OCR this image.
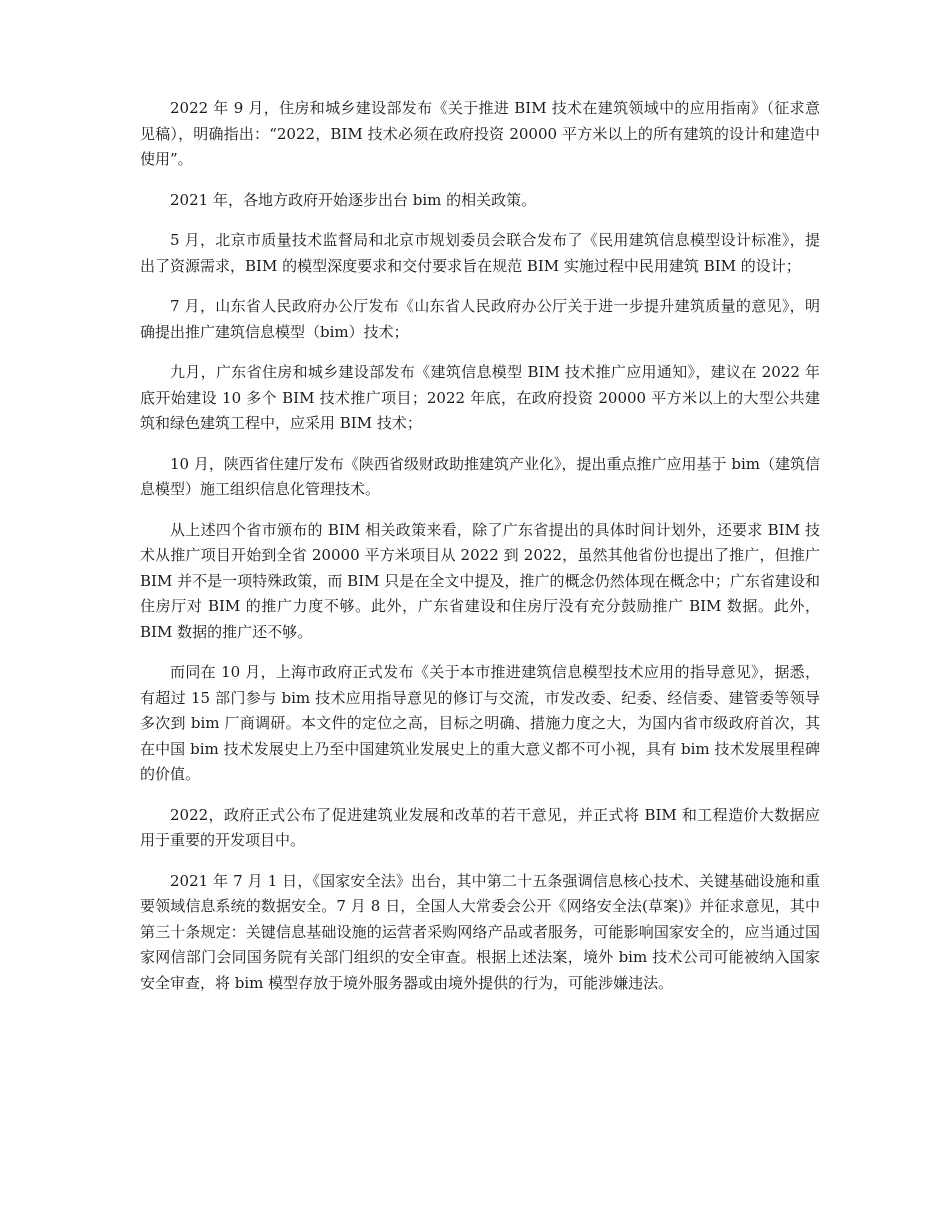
2022 年 9 月，住房和城乡建设部发布《关于推进 BIM 技术在建筑领域中的应用指南》（征求意见稿），明确指出：“2022，BIM 技术必须在政府投资 20000 平方米以上的所有建筑的设计和建造中使用”。

2021 年，各地方政府开始逐步出台 bim 的相关政策。

5 月，北京市质量技术监督局和北京市规划委员会联合发布了《民用建筑信息模型设计标准》，提出了资源需求，BIM 的模型深度要求和交付要求旨在规范 BIM 实施过程中民用建筑 BIM 的设计；

7 月，山东省人民政府办公厅发布《山东省人民政府办公厅关于进一步提升建筑质量的意见》，明确提出推广建筑信息模型（bim）技术；

九月，广东省住房和城乡建设部发布《建筑信息模型 BIM 技术推广应用通知》，建议在 2022 年底开始建设 10 多个 BIM 技术推广项目；2022 年底，在政府投资 20000 平方米以上的大型公共建筑和绿色建筑工程中，应采用 BIM 技术；

10 月，陕西省住建厅发布《陕西省级财政助推建筑产业化》，提出重点推广应用基于 bim（建筑信息模型）施工组织信息化管理技术。

从上述四个省市颁布的 BIM 相关政策来看，除了广东省提出的具体时间计划外，还要求 BIM 技术从推广项目开始到全省 20000 平方米项目从 2022 到 2022，虽然其他省份也提出了推广，但推广 BIM 并不是一项特殊政策，而 BIM 只是在全文中提及，推广的概念仍然体现在概念中；广东省建设和住房厅对 BIM 的推广力度不够。此外，广东省建设和住房厅没有充分鼓励推广 BIM 数据。此外，BIM 数据的推广还不够。

而同在 10 月，上海市政府正式发布《关于本市推进建筑信息模型技术应用的指导意见》，据悉，有超过 15 部门参与 bim 技术应用指导意见的修订与交流，市发改委、纪委、经信委、建管委等领导多次到 bim 厂商调研。本文件的定位之高，目标之明确、措施力度之大，为国内省市级政府首次，其在中国 bim 技术发展史上乃至中国建筑业发展史上的重大意义都不可小视，具有 bim 技术发展里程碑的价值。

2022，政府正式公布了促进建筑业发展和改革的若干意见，并正式将 BIM 和工程造价大数据应用于重要的开发项目中。

2021 年 7 月 1 日，《国家安全法》出台，其中第二十五条强调信息核心技术、关键基础设施和重要领域信息系统的数据安全。7 月 8 日，全国人大常委会公开《网络安全法(草案)》并征求意见，其中第三十条规定：关键信息基础设施的运营者采购网络产品或者服务，可能影响国家安全的，应当通过国家网信部门会同国务院有关部门组织的安全审查。根据上述法案，境外 bim 技术公司可能被纳入国家安全审查，将 bim 模型存放于境外服务器或由境外提供的行为，可能涉嫌违法。
